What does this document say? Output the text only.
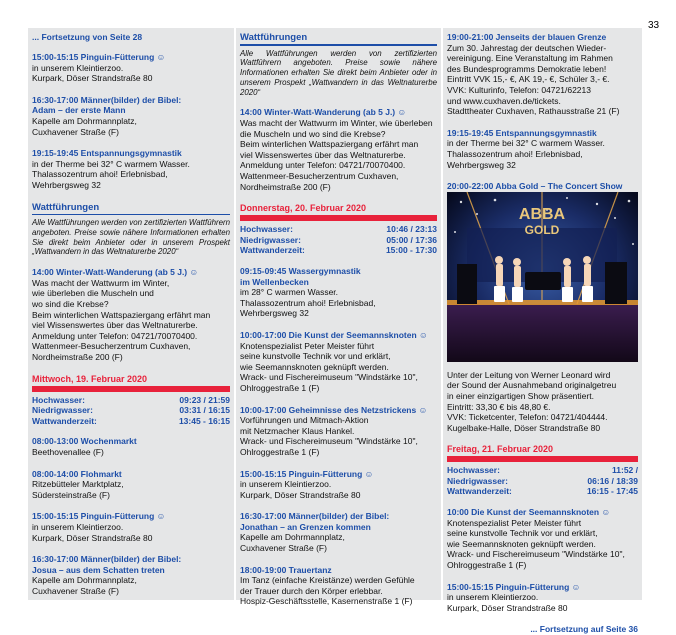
33
... Fortsetzung von Seite 28
15:00-15:15 Pinguin-Fütterung ☺
in unserem Kleintierzoo.
Kurpark, Döser Strandstraße 80
16:30-17:00 Männer(bilder) der Bibel:
Adam – der erste Mann
Kapelle am Dohrmannplatz,
Cuxhavener Straße (F)
19:15-19:45 Entspannungsgymnastik
in der Therme bei 32° C warmem Wasser.
Thalassozentrum ahoi! Erlebnisbad,
Wehrbergsweg 32
Wattführungen
Alle Wattführungen werden von zertifizierten Wattführern angeboten. Preise sowie nähere Informationen erhalten Sie direkt beim Anbieter oder in unserem Prospekt „Wattwandern in das Weltnaturerbe 2020“
14:00 Winter-Watt-Wanderung (ab 5 J.) ☺
Was macht der Wattwurm im Winter,
wie überleben die Muscheln und
wo sind die Krebse?
Beim winterlichen Wattspaziergang erfährt man
viel Wissenswertes über das Weltnaturerbe.
Anmeldung unter Telefon: 04721/70070400.
Wattenmeer-Besucherzentrum Cuxhaven,
Nordheimstraße 200 (F)
Mittwoch, 19. Februar 2020
Hochwasser:	09:23 / 21:59
Niedrigwasser:	03:31 / 16:15
Wattwanderzeit:	13:45 - 16:15
08:00-13:00 Wochenmarkt
Beethovenallee (F)
08:00-14:00 Flohmarkt
Ritzebütteler Marktplatz,
Südersteinstraße (F)
15:00-15:15 Pinguin-Fütterung ☺
in unserem Kleintierzoo.
Kurpark, Döser Strandstraße 80
16:30-17:00 Männer(bilder) der Bibel:
Josua – aus dem Schatten treten
Kapelle am Dohrmannplatz,
Cuxhavener Straße (F)
Wattführungen
Alle Wattführungen werden von zertifizierten Wattführern angeboten. Preise sowie nähere Informationen erhalten Sie direkt beim Anbieter oder in unserem Prospekt „Wattwandern in das Weltnaturerbe 2020“
14:00 Winter-Watt-Wanderung (ab 5 J.) ☺
Was macht der Wattwurm im Winter, wie überleben
die Muscheln und wo sind die Krebse?
Beim winterlichen Wattspaziergang erfährt man
viel Wissenswertes über das Weltnaturerbe.
Anmeldung unter Telefon: 04721/70070400.
Wattenmeer-Besucherzentrum Cuxhaven,
Nordheimstraße 200 (F)
Donnerstag, 20. Februar 2020
Hochwasser:	10:46 / 23:13
Niedrigwasser:	05:00 / 17:36
Wattwanderzeit:	15:00 - 17:30
09:15-09:45 Wassergymnastik
im Wellenbecken
im 28° C warmen Wasser.
Thalassozentrum ahoi! Erlebnisbad,
Wehrbergsweg 32
10:00-17:00 Die Kunst der Seemannsknoten ☺
Knotenspezialist Peter Meister führt
seine kunstvolle Technik vor und erklärt,
wie Seemannsknoten geknüpft werden.
Wrack- und Fischereimuseum "Windstärke 10",
Ohlroggestraße 1 (F)
10:00-17:00 Geheimnisse des Netzstrickens ☺
Vorführungen und Mitmach-Aktion
mit Netzmacher Klaus Hankel.
Wrack- und Fischereimuseum "Windstärke 10",
Ohlroggestraße 1 (F)
15:00-15:15 Pinguin-Fütterung ☺
in unserem Kleintierzoo.
Kurpark, Döser Strandstraße 80
16:30-17:00 Männer(bilder) der Bibel:
Jonathan – an Grenzen kommen
Kapelle am Dohrmannplatz,
Cuxhavener Straße (F)
18:00-19:00 Trauertanz
Im Tanz (einfache Kreistänze) werden Gefühle
der Trauer durch den Körper erlebbar.
Hospiz-Geschäftsstelle, Kasernenstraße 1 (F)
19:00-21:00 Jenseits der blauen Grenze
Zum 30. Jahrestag der deutschen Wieder-
vereinigung. Eine Veranstaltung im Rahmen
des Bundesprogramms Demokratie leben!
Eintritt VVK 15,- €, AK 19,- €, Schüler 3,- €.
VVK: Kulturinfo, Telefon: 04721/62213
und www.cuxhaven.de/tickets.
Stadttheater Cuxhaven, Rathausstraße 21 (F)
19:15-19:45 Entspannungsgymnastik
in der Therme bei 32° C warmem Wasser.
Thalassozentrum ahoi! Erlebnisbad,
Wehrbergsweg 32
20:00-22:00 Abba Gold – The Concert Show
ABBA
GOLD
Unter der Leitung von Werner Leonard wird
der Sound der Ausnahmeband originalgetreu
in einer einzigartigen Show präsentiert.
Eintritt: 33,30 € bis 48,80 €.
VVK: Ticketcenter, Telefon: 04721/404444.
Kugelbake-Halle, Döser Strandstraße 80
Freitag, 21. Februar 2020
Hochwasser:	11:52 /
Niedrigwasser:	06:16 / 18:39
Wattwanderzeit:	16:15 - 17:45
10:00 Die Kunst der Seemannsknoten ☺
Knotenspezialist Peter Meister führt
seine kunstvolle Technik vor und erklärt,
wie Seemannsknoten geknüpft werden.
Wrack- und Fischereimuseum "Windstärke 10",
Ohlroggestraße 1 (F)
15:00-15:15 Pinguin-Fütterung ☺
in unserem Kleintierzoo.
Kurpark, Döser Strandstraße 80
... Fortsetzung auf Seite 36
